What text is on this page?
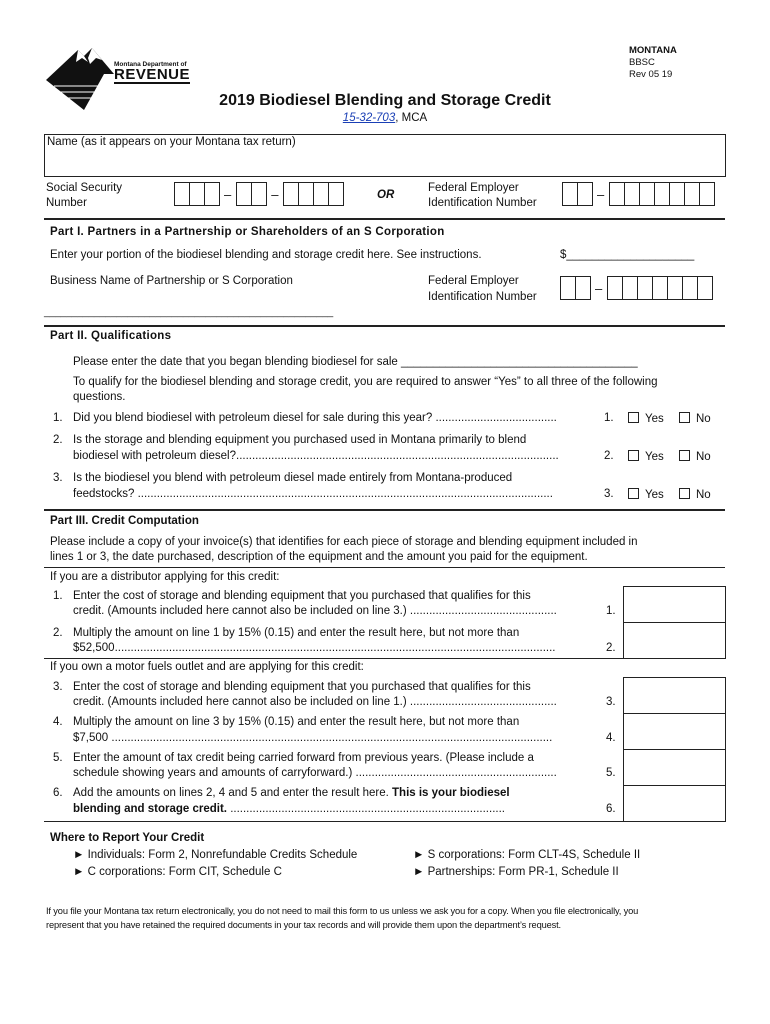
Montana Department of
REVENUE
MONTANA
BBSC
Rev 05 19
2019 Biodiesel Blending and Storage Credit
15-32-703, MCA
Name (as it appears on your Montana tax return)
Social Security
Number
–	–	OR
Federal Employer
Identification Number
–
Part I. Partners in a Partnership or Shareholders of an S Corporation
Enter your portion of the biodiesel blending and storage credit here. See instructions.	$____________________
Business Name of Partnership or S Corporation	Federal Employer
Identification Number
–
____________________________________________________
Part II. Qualifications
Please enter the date that you began blending biodiesel for sale _____________________________________
To qualify for the biodiesel blending and storage credit, you are required to answer “Yes” to all three of the following
questions.
1. Did you blend biodiesel with petroleum diesel for sale during this year? ......................................	1.	Yes	No
2. Is the storage and blending equipment you purchased used in Montana primarily to blend
biodiesel with petroleum diesel?.....................................................................................................	2.	Yes	No
3. Is the biodiesel you blend with petroleum diesel made entirely from Montana-produced
feedstocks? ..................................................................................................................................	3.	Yes	No
Part III. Credit Computation
Please include a copy of your invoice(s) that identifies for each piece of storage and blending equipment included in
lines 1 or 3, the date purchased, description of the equipment and the amount you paid for the equipment.
If you are a distributor applying for this credit:
1. Enter the cost of storage and blending equipment that you purchased that qualifies for this
credit. (Amounts included here cannot also be included on line 3.) ..............................................	1.
2. Multiply the amount on line 1 by 15% (0.15) and enter the result here, but not more than
$52,500..........................................................................................................................................	2.
If you own a motor fuels outlet and are applying for this credit:
3. Enter the cost of storage and blending equipment that you purchased that qualifies for this
credit. (Amounts included here cannot also be included on line 1.) ..............................................	3.
4. Multiply the amount on line 3 by 15% (0.15) and enter the result here, but not more than
$7,500 ..........................................................................................................................................	4.
5. Enter the amount of tax credit being carried forward from previous years. (Please include a
schedule showing years and amounts of carryforward.) ...............................................................	5.
6. Add the amounts on lines 2, 4 and 5 and enter the result here. This is your biodiesel
blending and storage credit. ......................................................................................	6.
Where to Report Your Credit
► Individuals: Form 2, Nonrefundable Credits Schedule
► C corporations: Form CIT, Schedule C
► S corporations: Form CLT-4S, Schedule II
► Partnerships: Form PR-1, Schedule II
If you file your Montana tax return electronically, you do not need to mail this form to us unless we ask you for a copy. When you file electronically, you
represent that you have retained the required documents in your tax records and will provide them upon the department’s request.
